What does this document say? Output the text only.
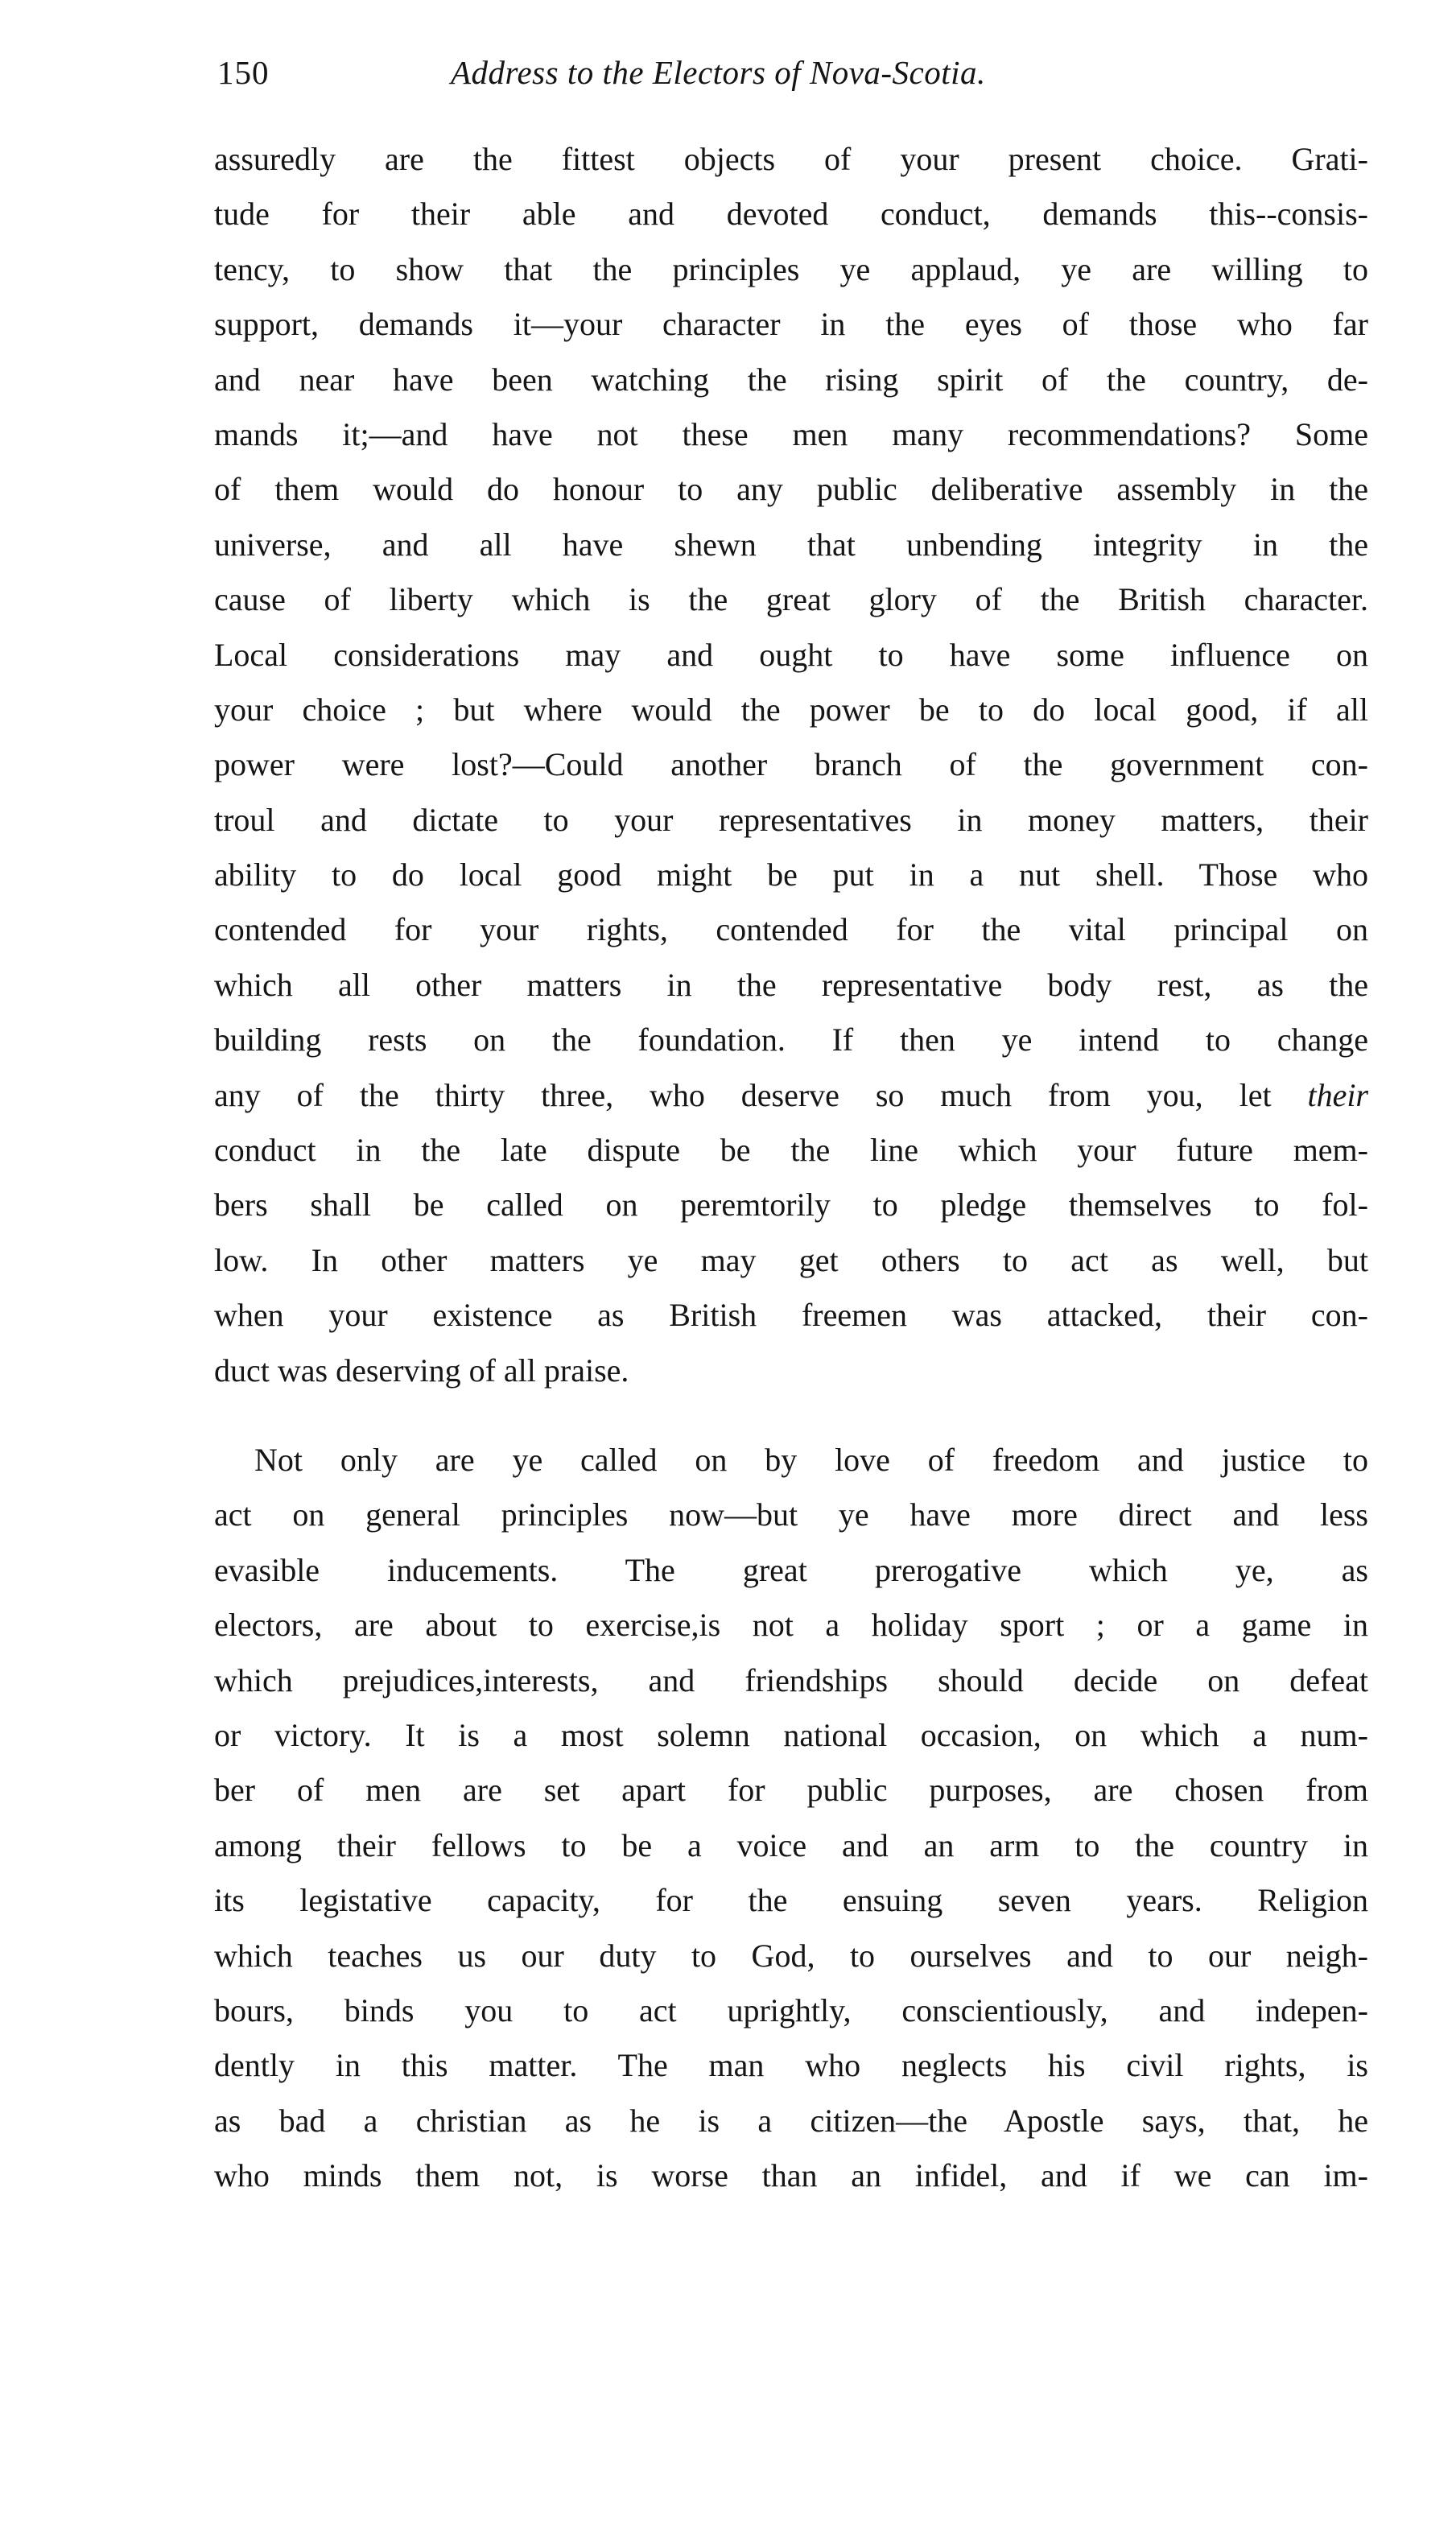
150	Address to the Electors of Nova-Scotia.
assuredly are the fittest objects of your present choice. Grati-
tude for their able and devoted conduct, demands this--consis-
tency, to show that the principles ye applaud, ye are willing to
support, demands it—your character in the eyes of those who far
and near have been watching the rising spirit of the country, de-
mands it;—and have not these men many recommendations? Some
of them would do honour to any public deliberative assembly in the
universe, and all have shewn that unbending integrity in the
cause of liberty which is the great glory of the British character.
Local considerations may and ought to have some influence on
your choice ; but where would the power be to do local good, if all
power were lost?—Could another branch of the government con-
troul and dictate to your representatives in money matters, their
ability to do local good might be put in a nut shell. Those who
contended for your rights, contended for the vital principal on
which all other matters in the representative body rest, as the
building rests on the foundation. If then ye intend to change
any of the thirty three, who deserve so much from you, let their
conduct in the late dispute be the line which your future mem-
bers shall be called on peremtorily to pledge themselves to fol-
low. In other matters ye may get others to act as well, but
when your existence as British freemen was attacked, their con-
duct was deserving of all praise.
Not only are ye called on by love of freedom and justice to
act on general principles now—but ye have more direct and less
evasible inducements. The great prerogative which ye, as
electors, are about to exercise,is not a holiday sport ; or a game in
which prejudices,interests, and friendships should decide on defeat
or victory. It is a most solemn national occasion, on which a num-
ber of men are set apart for public purposes, are chosen from
among their fellows to be a voice and an arm to the country in
its legistative capacity, for the ensuing seven years. Religion
which teaches us our duty to God, to ourselves and to our neigh-
bours, binds you to act uprightly, conscientiously, and indepen-
dently in this matter. The man who neglects his civil rights, is
as bad a christian as he is a citizen—the Apostle says, that, he
who minds them not, is worse than an infidel, and if we can im-
